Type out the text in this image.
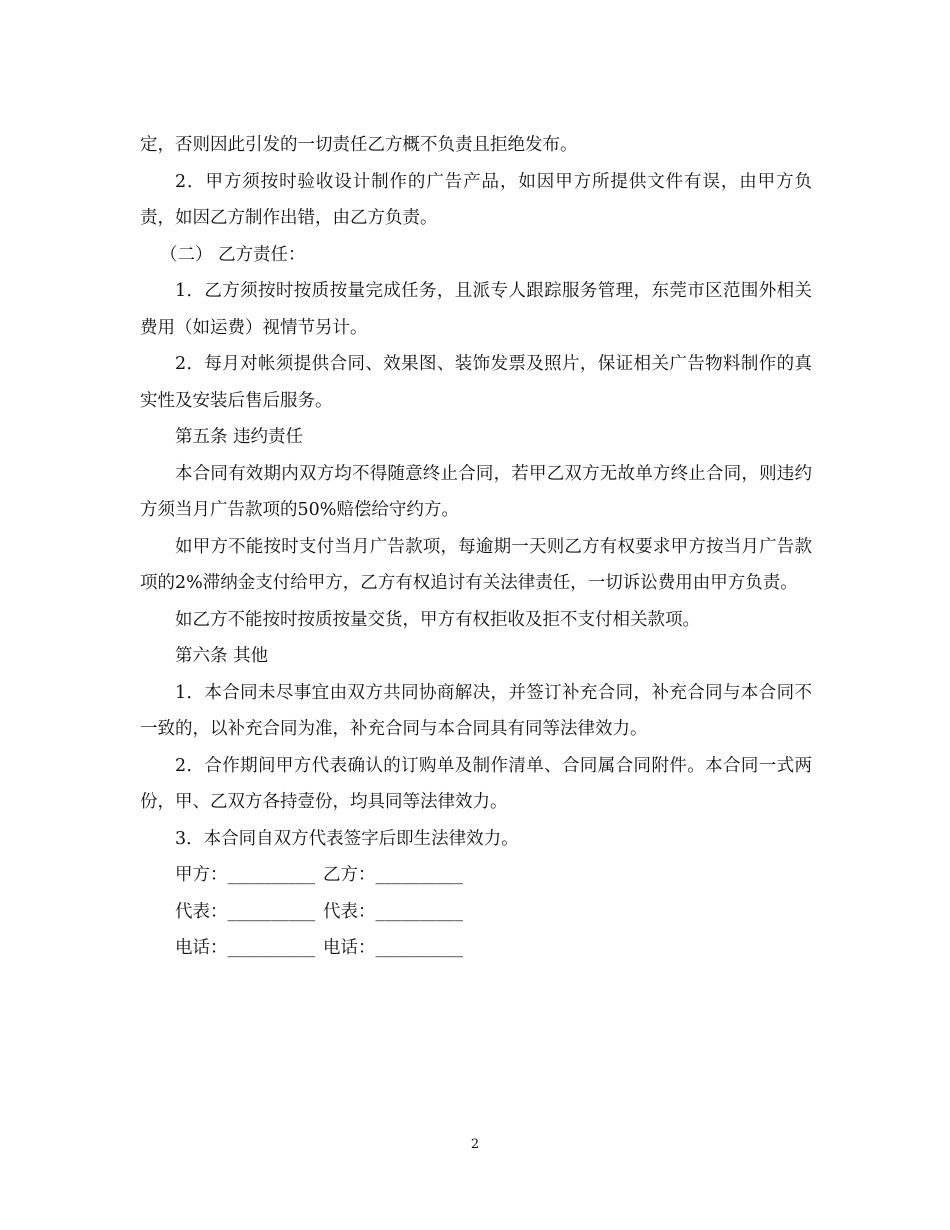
定，否则因此引发的一切责任乙方概不负责且拒绝发布。

2．甲方须按时验收设计制作的广告产品，如因甲方所提供文件有误，由甲方负责，如因乙方制作出错，由乙方负责。

（二） 乙方责任：

1．乙方须按时按质按量完成任务，且派专人跟踪服务管理，东莞市区范围外相关费用（如运费）视情节另计。

2．每月对帐须提供合同、效果图、装饰发票及照片，保证相关广告物料制作的真实性及安装后售后服务。

第五条 违约责任

本合同有效期内双方均不得随意终止合同，若甲乙双方无故单方终止合同，则违约方须当月广告款项的50%赔偿给守约方。

如甲方不能按时支付当月广告款项，每逾期一天则乙方有权要求甲方按当月广告款项的2%滞纳金支付给甲方，乙方有权追讨有关法律责任，一切诉讼费用由甲方负责。

如乙方不能按时按质按量交货，甲方有权拒收及拒不支付相关款项。

第六条 其他

1．本合同未尽事宜由双方共同协商解决，并签订补充合同，补充合同与本合同不一致的，以补充合同为准，补充合同与本合同具有同等法律效力。

2．合作期间甲方代表确认的订购单及制作清单、合同属合同附件。本合同一式两份，甲、乙双方各持壹份，均具同等法律效力。

3．本合同自双方代表签字后即生法律效力。

甲方：__________ 乙方：__________
代表：__________ 代表：__________
电话：__________ 电话：__________
2
